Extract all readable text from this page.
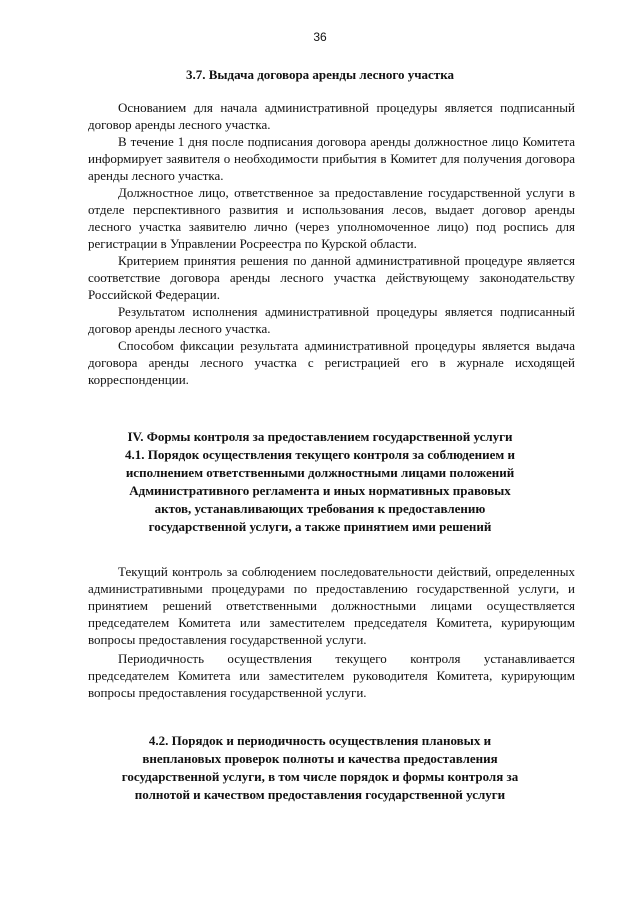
36
3.7. Выдача договора аренды лесного участка

Основанием для начала административной процедуры является подписанный договор аренды лесного участка.

В течение 1 дня после подписания договора аренды должностное лицо Комитета информирует заявителя о необходимости прибытия в Комитет для получения договора аренды лесного участка.

Должностное лицо, ответственное за предоставление государственной услуги в отделе перспективного развития и использования лесов, выдает договор аренды лесного участка заявителю лично (через уполномоченное лицо) под роспись для регистрации в Управлении Росреестра по Курской области.

Критерием принятия решения по данной административной процедуре является соответствие договора аренды лесного участка действующему законодательству Российской Федерации.

Результатом исполнения административной процедуры является подписанный договор аренды лесного участка.

Способом фиксации результата административной процедуры является выдача договора аренды лесного участка с регистрацией его в журнале исходящей корреспонденции.

IV. Формы контроля за предоставлением государственной услуги
4.1. Порядок осуществления текущего контроля за соблюдением и
исполнением ответственными должностными лицами положений
Административного регламента и иных нормативных правовых
актов, устанавливающих требования к предоставлению
государственной услуги, а также принятием ими решений

Текущий контроль за соблюдением последовательности действий, определенных административными процедурами по предоставлению государственной услуги, и принятием решений ответственными должностными лицами осуществляется председателем Комитета или заместителем председателя Комитета, курирующим вопросы предоставления государственной услуги.

Периодичность осуществления текущего контроля устанавливается председателем Комитета или заместителем руководителя Комитета, курирующим вопросы предоставления государственной услуги.

4.2. Порядок и периодичность осуществления плановых и
внеплановых проверок полноты и качества предоставления
государственной услуги, в том числе порядок и формы контроля за
полнотой и качеством предоставления государственной услуги
